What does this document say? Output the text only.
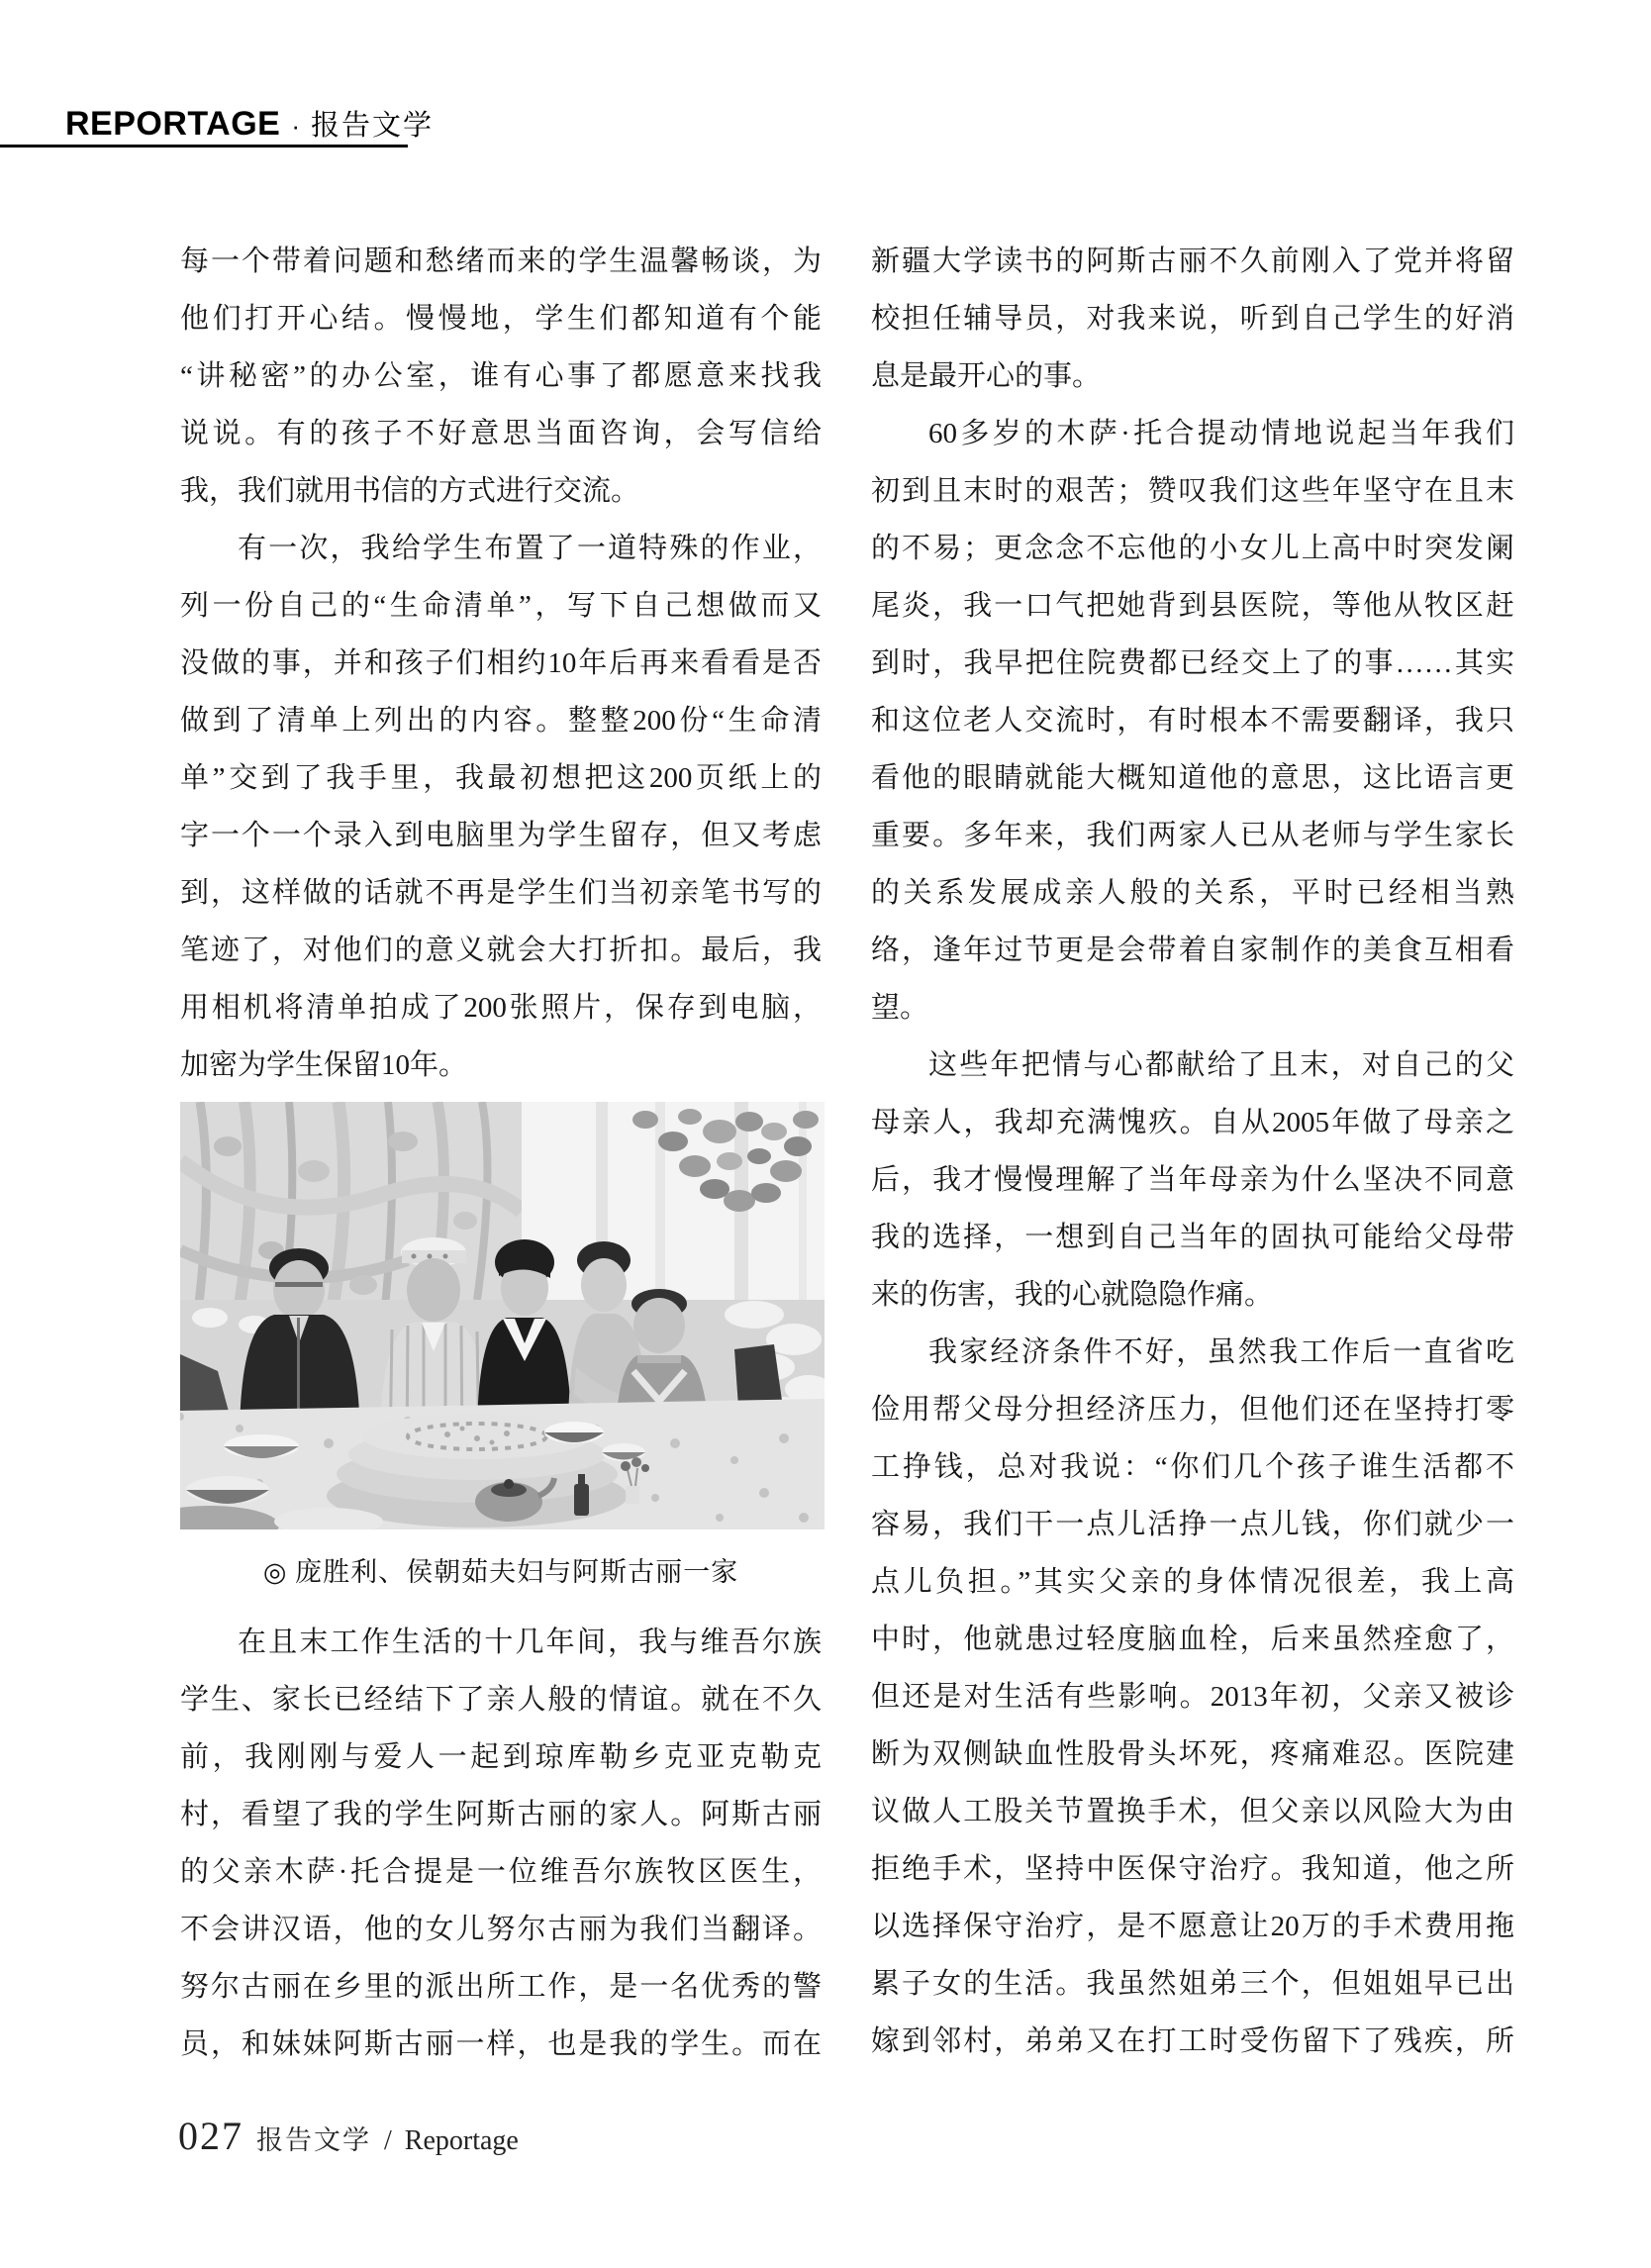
REPORTAGE · 报告文学
每一个带着问题和愁绪而来的学生温馨畅谈，为
他们打开心结。慢慢地，学生们都知道有个能
“讲秘密”的办公室，谁有心事了都愿意来找我
说说。有的孩子不好意思当面咨询，会写信给
我，我们就用书信的方式进行交流。
有一次，我给学生布置了一道特殊的作业，
列一份自己的“生命清单”，写下自己想做而又
没做的事，并和孩子们相约10年后再来看看是否
做到了清单上列出的内容。整整200份“生命清
单”交到了我手里，我最初想把这200页纸上的
字一个一个录入到电脑里为学生留存，但又考虑
到，这样做的话就不再是学生们当初亲笔书写的
笔迹了，对他们的意义就会大打折扣。最后，我
用相机将清单拍成了200张照片，保存到电脑，
加密为学生保留10年。
◎ 庞胜利、侯朝茹夫妇与阿斯古丽一家
在且末工作生活的十几年间，我与维吾尔族
学生、家长已经结下了亲人般的情谊。就在不久
前，我刚刚与爱人一起到琼库勒乡克亚克勒克
村，看望了我的学生阿斯古丽的家人。阿斯古丽
的父亲木萨·托合提是一位维吾尔族牧区医生，
不会讲汉语，他的女儿努尔古丽为我们当翻译。
努尔古丽在乡里的派出所工作，是一名优秀的警
员，和妹妹阿斯古丽一样，也是我的学生。而在
新疆大学读书的阿斯古丽不久前刚入了党并将留
校担任辅导员，对我来说，听到自己学生的好消
息是最开心的事。
60多岁的木萨·托合提动情地说起当年我们
初到且末时的艰苦；赞叹我们这些年坚守在且末
的不易；更念念不忘他的小女儿上高中时突发阑
尾炎，我一口气把她背到县医院，等他从牧区赶
到时，我早把住院费都已经交上了的事……其实
和这位老人交流时，有时根本不需要翻译，我只
看他的眼睛就能大概知道他的意思，这比语言更
重要。多年来，我们两家人已从老师与学生家长
的关系发展成亲人般的关系，平时已经相当熟
络，逢年过节更是会带着自家制作的美食互相看
望。
这些年把情与心都献给了且末，对自己的父
母亲人，我却充满愧疚。自从2005年做了母亲之
后，我才慢慢理解了当年母亲为什么坚决不同意
我的选择，一想到自己当年的固执可能给父母带
来的伤害，我的心就隐隐作痛。
我家经济条件不好，虽然我工作后一直省吃
俭用帮父母分担经济压力，但他们还在坚持打零
工挣钱，总对我说：“你们几个孩子谁生活都不
容易，我们干一点儿活挣一点儿钱，你们就少一
点儿负担。”其实父亲的身体情况很差，我上高
中时，他就患过轻度脑血栓，后来虽然痊愈了，
但还是对生活有些影响。2013年初，父亲又被诊
断为双侧缺血性股骨头坏死，疼痛难忍。医院建
议做人工股关节置换手术，但父亲以风险大为由
拒绝手术，坚持中医保守治疗。我知道，他之所
以选择保守治疗，是不愿意让20万的手术费用拖
累子女的生活。我虽然姐弟三个，但姐姐早已出
嫁到邻村，弟弟又在打工时受伤留下了残疾，所
027 报告文学 / Reportage
